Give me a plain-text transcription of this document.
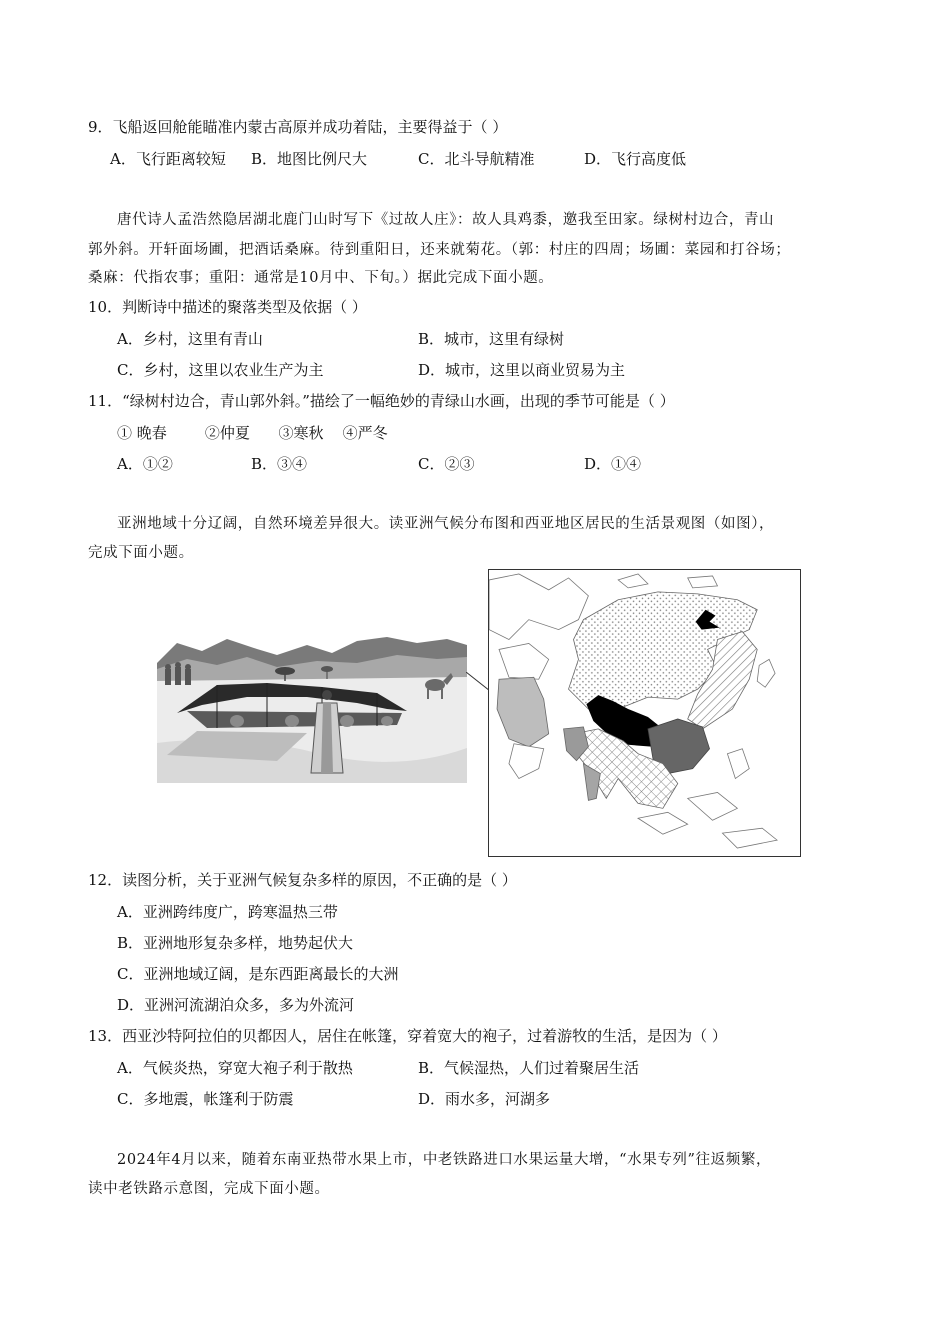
9．飞船返回舱能瞄准内蒙古高原并成功着陆，主要得益于（ ）
A．飞行距离较短 B．地图比例尺大	C．北斗导航精准	D．飞行高度低
唐代诗人孟浩然隐居湖北鹿门山时写下《过故人庄》：故人具鸡黍，邀我至田家。绿树村边合，青山
郭外斜。开轩面场圃，把酒话桑麻。待到重阳日，还来就菊花。（郭：村庄的四周；场圃：菜园和打谷场；
桑麻：代指农事；重阳：通常是10月中、下旬。）据此完成下面小题。
10．判断诗中描述的聚落类型及依据（ ）
A．乡村，这里有青山	B．城市，这里有绿树
C．乡村，这里以农业生产为主	D．城市，这里以商业贸易为主
11．“绿树村边合，青山郭外斜。”描绘了一幅绝妙的青绿山水画，出现的季节可能是（ ）
① 晚春        ②仲夏      ③寒秋    ④严冬
A．①②	B．③④	C．②③	D．①④
亚洲地域十分辽阔，自然环境差异很大。读亚洲气候分布图和西亚地区居民的生活景观图（如图），
完成下面小题。
12．读图分析，关于亚洲气候复杂多样的原因，不正确的是（ ）
A．亚洲跨纬度广，跨寒温热三带
B．亚洲地形复杂多样，地势起伏大
C．亚洲地域辽阔，是东西距离最长的大洲
D．亚洲河流湖泊众多，多为外流河
13．西亚沙特阿拉伯的贝都因人，居住在帐篷，穿着宽大的袍子，过着游牧的生活，是因为（ ）
A．气候炎热，穿宽大袍子利于散热	B．气候湿热，人们过着聚居生活
C．多地震，帐篷利于防震	D．雨水多，河湖多
2024年4月以来，随着东南亚热带水果上市，中老铁路进口水果运量大增，“水果专列”往返频繁，
读中老铁路示意图，完成下面小题。
